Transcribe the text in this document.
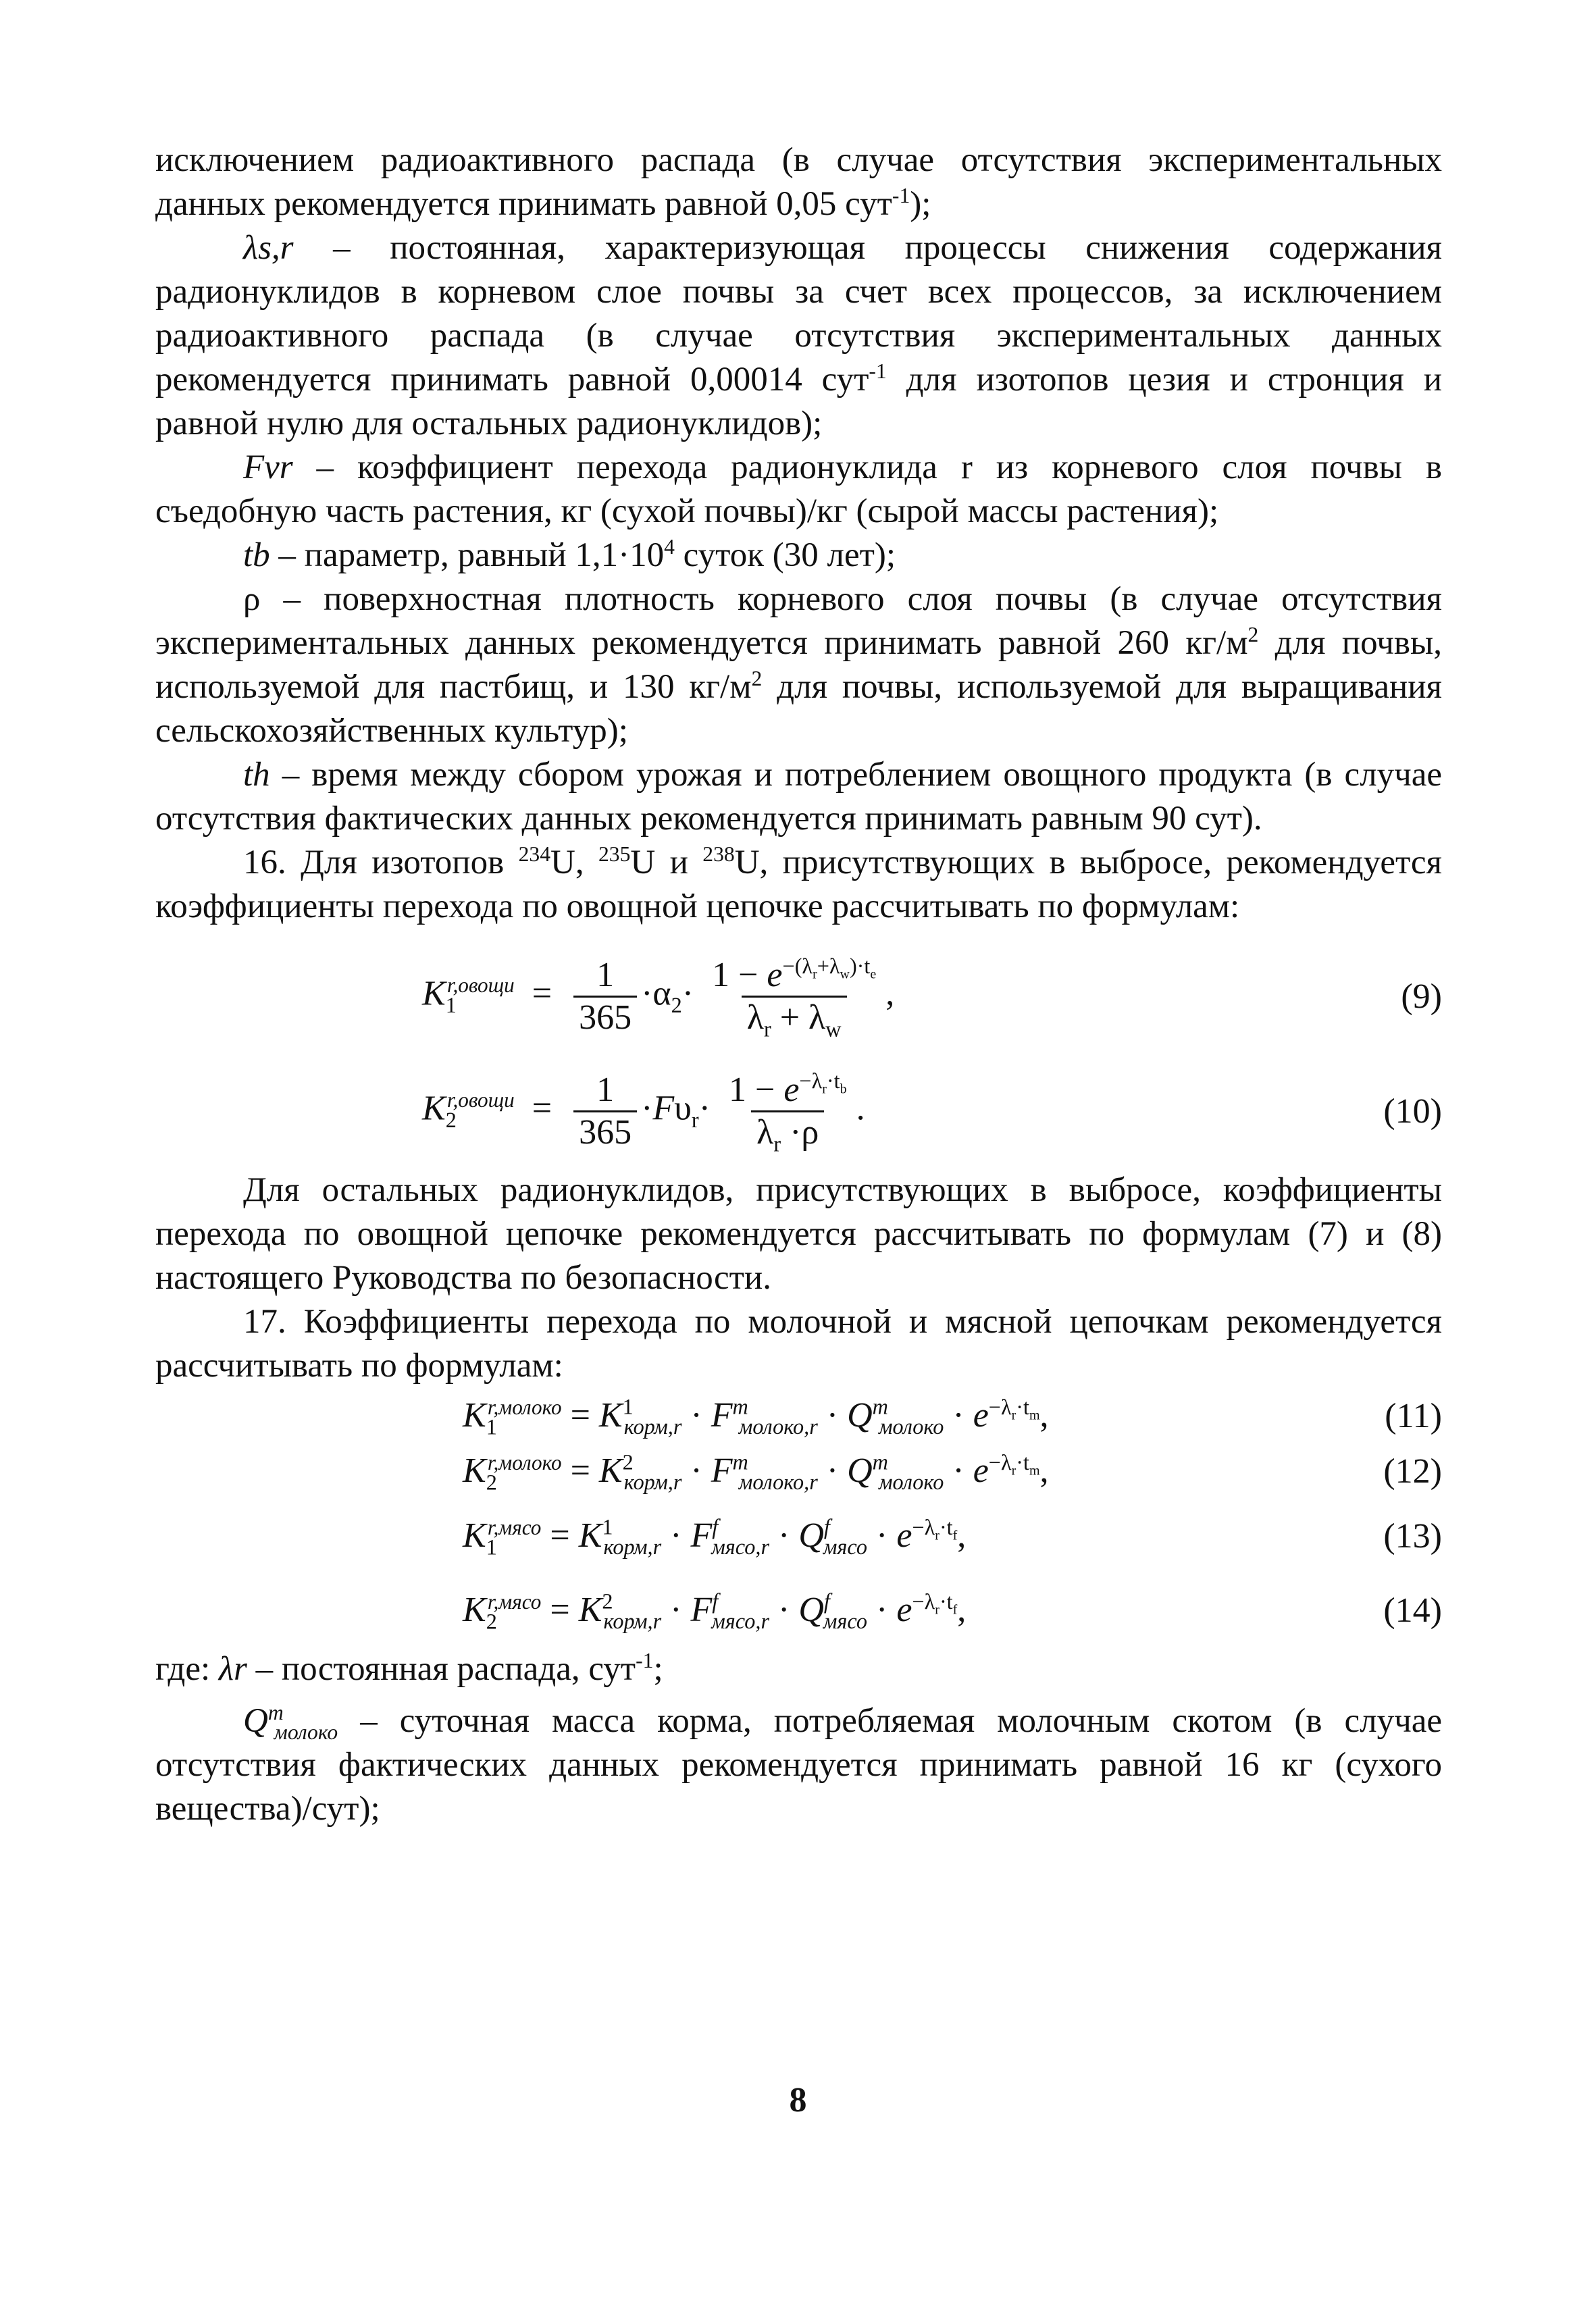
исключением радиоактивного распада (в случае отсутствия экспериментальных данных рекомендуется принимать равной 0,05 сут$^{-1}$);

λs,r – постоянная, характеризующая процессы снижения содержания радионуклидов в корневом слое почвы за счет всех процессов, за исключением радиоактивного распада (в случае отсутствия экспериментальных данных рекомендуется принимать равной 0,00014 сут$^{-1}$ для изотопов цезия и стронция и равной нулю для остальных радионуклидов);

Fvr – коэффициент перехода радионуклида r из корневого слоя почвы в съедобную часть растения, кг (сухой почвы)/кг (сырой массы растения);

tb – параметр, равный $1,1\cdot 10^4$ суток (30 лет);

ρ – поверхностная плотность корневого слоя почвы (в случае отсутствия экспериментальных данных рекомендуется принимать равной 260 $кг/м^2$ для почвы, используемой для пастбищ, и 130 $кг/м^2$ для почвы, используемой для выращивания сельскохозяйственных культур);

th – время между сбором урожая и потреблением овощного продукта (в случае отсутствия фактических данных рекомендуется принимать равным 90 сут).

16. Для изотопов $^{234}$U, $^{235}$U и $^{238}$U, присутствующих в выбросе, рекомендуется коэффициенты перехода по овощной цепочке рассчитывать по формулам:

$K_1^{r,овощи} = \frac{1}{365} \cdot\alpha_2\cdot \frac{1 - e^{-(\lambda_r+\lambda_w)\cdot t_e}}{\lambda_r + \lambda_w}$ ,	(9)
$K_2^{r,овощи} = \frac{1}{365} \cdot F\upsilon_r\cdot \frac{1 - e^{-\lambda_r\cdot t_b}}{\lambda_r \cdot\rho}$ .	(10)

Для остальных радионуклидов, присутствующих в выбросе, коэффициенты перехода по овощной цепочке рекомендуется рассчитывать по формулам (7) и (8) настоящего Руководства по безопасности.

17. Коэффициенты перехода по молочной и мясной цепочкам рекомендуется рассчитывать по формулам:

$K_1^{r,молоко} = K^1_{корм,r} \cdot F^m_{молоко,r} \cdot Q^m_{молоко} \cdot e^{-\lambda_r\cdot t_m}$,	(11)
$K_2^{r,молоко} = K^2_{корм,r} \cdot F^m_{молоко,r} \cdot Q^m_{молоко} \cdot e^{-\lambda_r\cdot t_m}$,	(12)
$K_1^{r,мясо} = K^1_{корм,r} \cdot F^f_{мясо,r} \cdot Q^f_{мясо} \cdot e^{-\lambda_r\cdot t_f}$,	(13)
$K_2^{r,мясо} = K^2_{корм,r} \cdot F^f_{мясо,r} \cdot Q^f_{мясо} \cdot e^{-\lambda_r\cdot t_f}$,	(14)

где: λr – постоянная распада, сут$^{-1}$;

$Q^m_{молоко}$ – суточная масса корма, потребляемая молочным скотом (в случае отсутствия фактических данных рекомендуется принимать равной 16 кг (сухого вещества)/сут);

8
